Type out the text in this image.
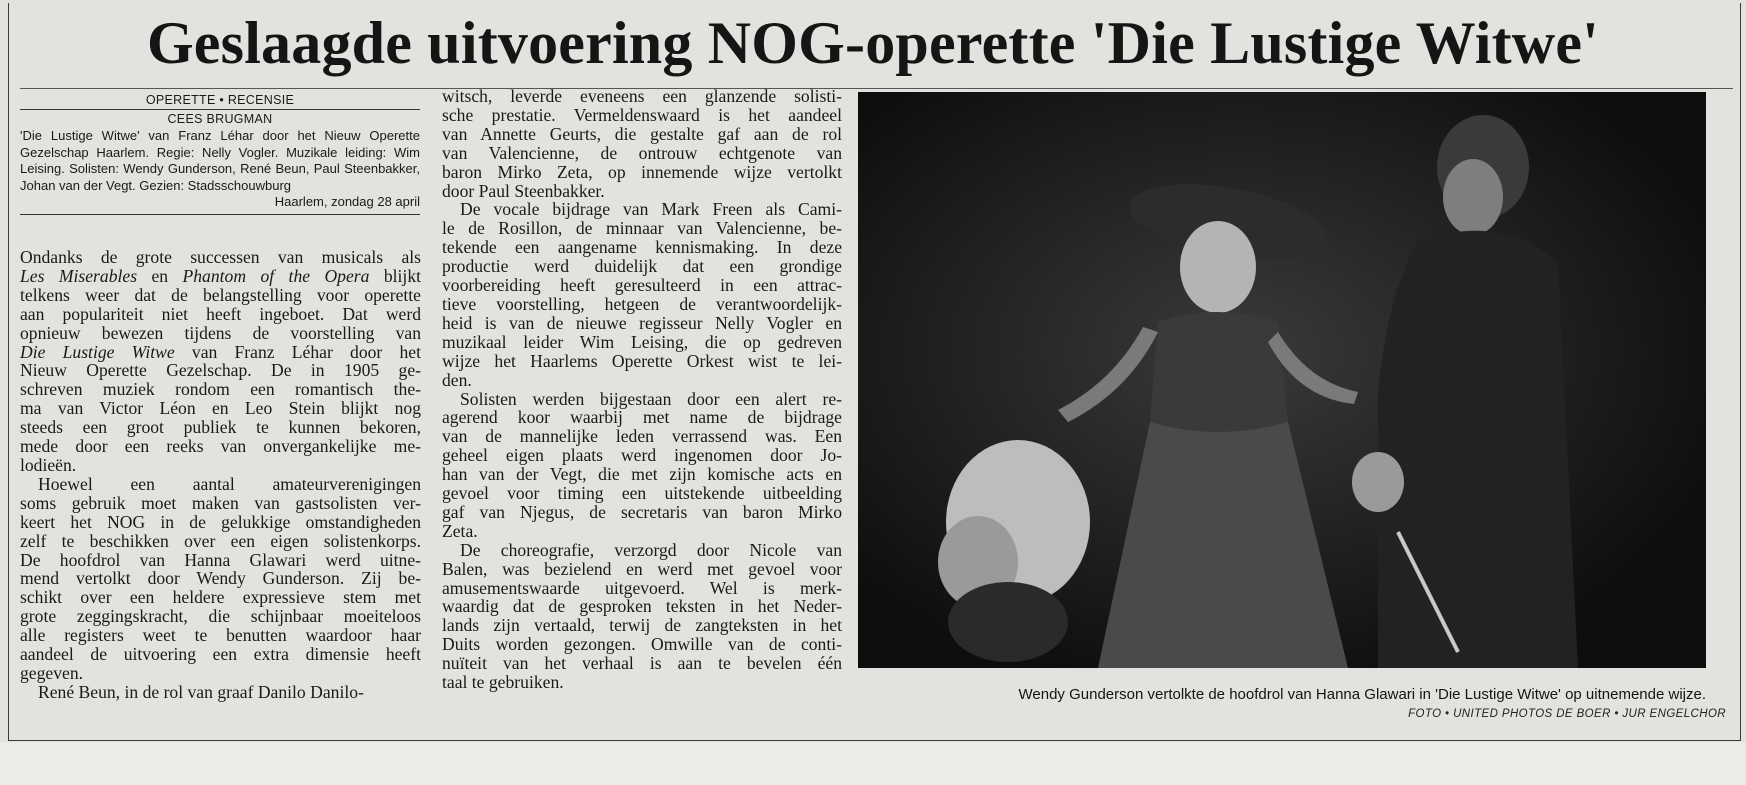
Geslaagde uitvoering NOG-operette 'Die Lustige Witwe'
OPERETTE • RECENSIE
CEES BRUGMAN
'Die Lustige Witwe' van Franz Léhar door het Nieuw Operette Gezelschap Haarlem. Regie: Nelly Vogler. Muzikale leiding: Wim Leising. Solisten: Wendy Gunderson, René Beun, Paul Steenbakker, Johan van der Vegt. Gezien: Stadsschouwburg
Haarlem, zondag 28 april
Ondanks de grote successen van musicals als
Les Miserables en Phantom of the Opera blijkt
telkens weer dat de belangstelling voor operette
aan populariteit niet heeft ingeboet. Dat werd
opnieuw bewezen tijdens de voorstelling van
Die Lustige Witwe van Franz Léhar door het
Nieuw Operette Gezelschap. De in 1905 ge-
schreven muziek rondom een romantisch the-
ma van Victor Léon en Leo Stein blijkt nog
steeds een groot publiek te kunnen bekoren,
mede door een reeks van onvergankelijke me-
lodieën.
Hoewel een aantal amateurverenigingen
soms gebruik moet maken van gastsolisten ver-
keert het NOG in de gelukkige omstandigheden
zelf te beschikken over een eigen solistenkorps.
De hoofdrol van Hanna Glawari werd uitne-
mend vertolkt door Wendy Gunderson. Zij be-
schikt over een heldere expressieve stem met
grote zeggingskracht, die schijnbaar moeiteloos
alle registers weet te benutten waardoor haar
aandeel de uitvoering een extra dimensie heeft
gegeven.
René Beun, in de rol van graaf Danilo Danilo-
witsch, leverde eveneens een glanzende solisti-
sche prestatie. Vermeldenswaard is het aandeel
van Annette Geurts, die gestalte gaf aan de rol
van Valencienne, de ontrouw echtgenote van
baron Mirko Zeta, op innemende wijze vertolkt
door Paul Steenbakker.
De vocale bijdrage van Mark Freen als Cami-
le de Rosillon, de minnaar van Valencienne, be-
tekende een aangename kennismaking. In deze
productie werd duidelijk dat een grondige
voorbereiding heeft geresulteerd in een attrac-
tieve voorstelling, hetgeen de verantwoordelijk-
heid is van de nieuwe regisseur Nelly Vogler en
muzikaal leider Wim Leising, die op gedreven
wijze het Haarlems Operette Orkest wist te lei-
den.
Solisten werden bijgestaan door een alert re-
agerend koor waarbij met name de bijdrage
van de mannelijke leden verrassend was. Een
geheel eigen plaats werd ingenomen door Jo-
han van der Vegt, die met zijn komische acts en
gevoel voor timing een uitstekende uitbeelding
gaf van Njegus, de secretaris van baron Mirko
Zeta.
De choreografie, verzorgd door Nicole van
Balen, was bezielend en werd met gevoel voor
amusementswaarde uitgevoerd. Wel is merk-
waardig dat de gesproken teksten in het Neder-
lands zijn vertaald, terwij de zangteksten in het
Duits worden gezongen. Omwille van de conti-
nuïteit van het verhaal is aan te bevelen één
taal te gebruiken.
Wendy Gunderson vertolkte de hoofdrol van Hanna Glawari in 'Die Lustige Witwe' op uitnemende wijze.
FOTO • UNITED PHOTOS DE BOER • JUR ENGELCHOR
